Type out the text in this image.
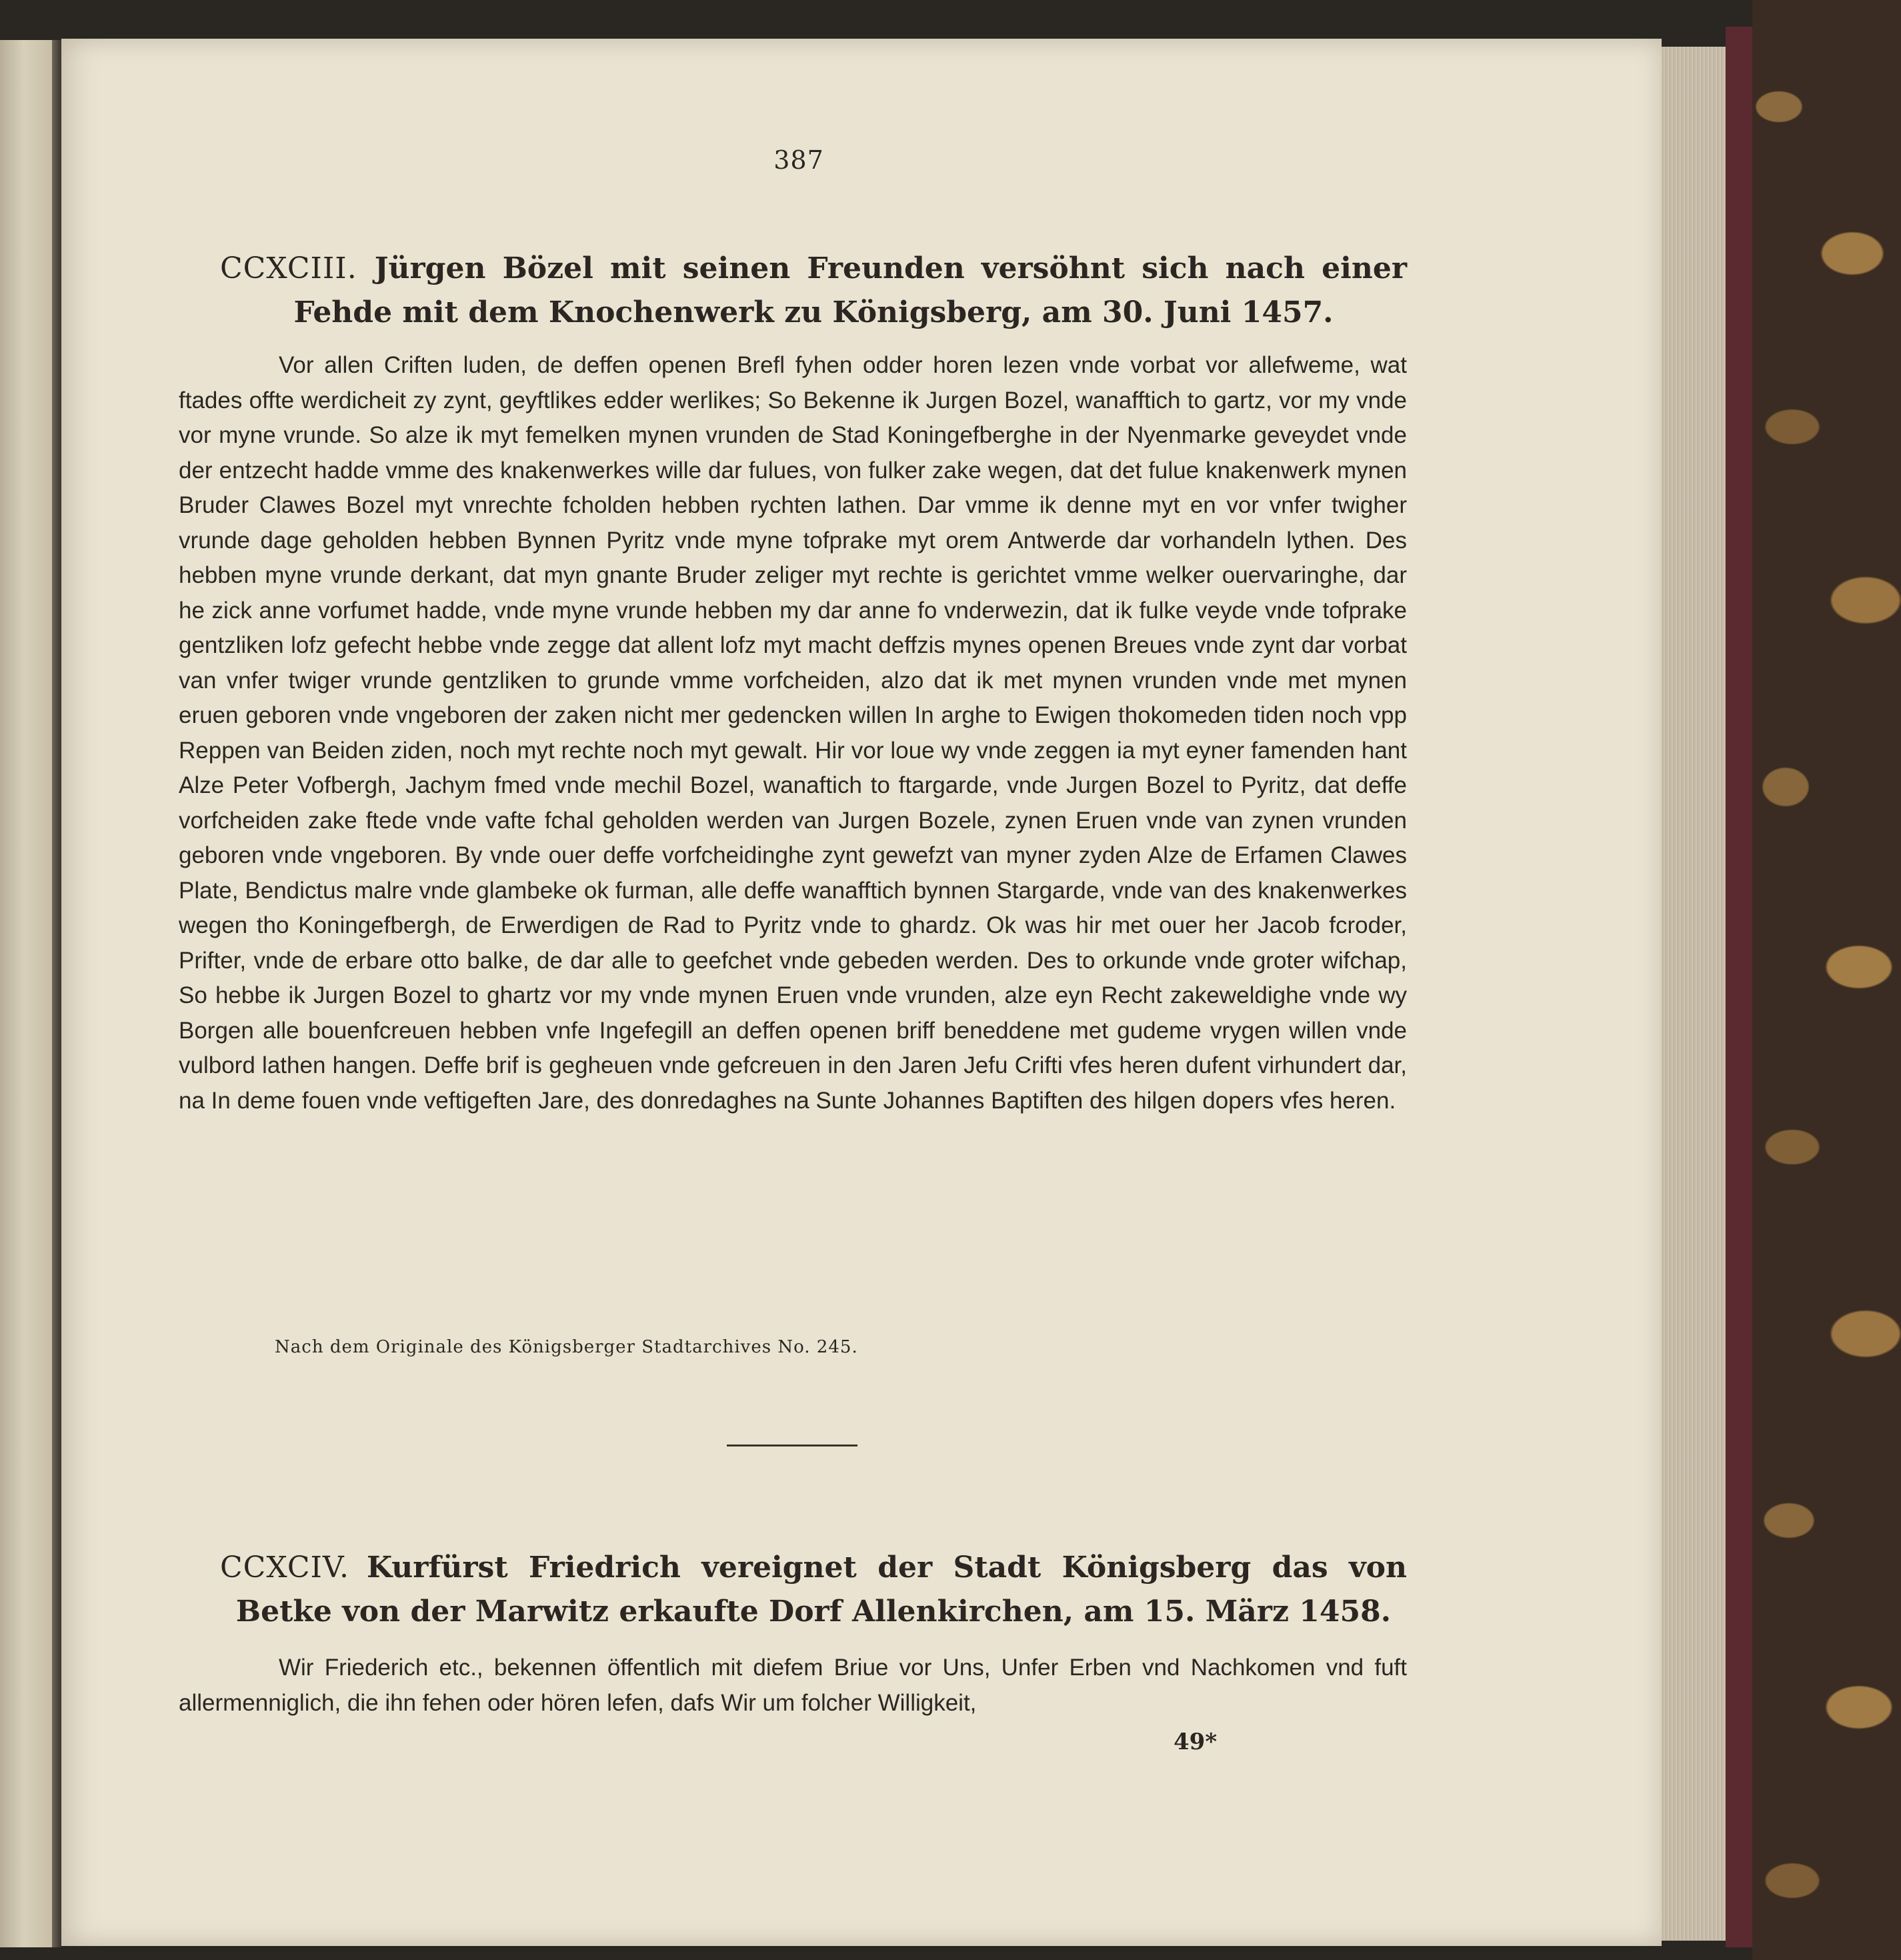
387
CCXCIII. Jürgen Bözel mit seinen Freunden versöhnt sich nach einer Fehde mit dem Knochenwerk zu Königsberg, am 30. Juni 1457.

Vor allen Criften luden, de deffen openen Brefl fyhen odder horen lezen vnde vorbat vor allefweme, wat ftades offte werdicheit zy zynt, geyftlikes edder werlikes; So Bekenne ik Jurgen Bozel, wanafftich to gartz, vor my vnde vor myne vrunde. So alze ik myt femelken mynen vrunden de Stad Koningefberghe in der Nyenmarke geveydet vnde der entzecht hadde vmme des knakenwerkes wille dar fulues, von fulker zake wegen, dat det fulue knakenwerk mynen Bruder Clawes Bozel myt vnrechte fcholden hebben rychten lathen. Dar vmme ik denne myt en vor vnfer twigher vrunde dage geholden hebben Bynnen Pyritz vnde myne tofprake myt orem Antwerde dar vorhandeln lythen. Des hebben myne vrunde derkant, dat myn gnante Bruder zeliger myt rechte is gerichtet vmme welker ouervaringhe, dar he zick anne vorfumet hadde, vnde myne vrunde hebben my dar anne fo vnderwezin, dat ik fulke veyde vnde tofprake gentzliken lofz gefecht hebbe vnde zegge dat allent lofz myt macht deffzis mynes openen Breues vnde zynt dar vorbat van vnfer twiger vrunde gentzliken to grunde vmme vorfcheiden, alzo dat ik met mynen vrunden vnde met mynen eruen geboren vnde vngeboren der zaken nicht mer gedencken willen In arghe to Ewigen thokomeden tiden noch vpp Reppen van Beiden ziden, noch myt rechte noch myt gewalt. Hir vor loue wy vnde zeggen ia myt eyner famenden hant Alze Peter Vofbergh, Jachym fmed vnde mechil Bozel, wanaftich to ftargarde, vnde Jurgen Bozel to Pyritz, dat deffe vorfcheiden zake ftede vnde vafte fchal geholden werden van Jurgen Bozele, zynen Eruen vnde van zynen vrunden geboren vnde vngeboren. By vnde ouer deffe vorfcheidinghe zynt gewefzt van myner zyden Alze de Erfamen Clawes Plate, Bendictus malre vnde glambeke ok furman, alle deffe wanafftich bynnen Stargarde, vnde van des knakenwerkes wegen tho Koningefbergh, de Erwerdigen de Rad to Pyritz vnde to ghardz. Ok was hir met ouer her Jacob fcroder, Prifter, vnde de erbare otto balke, de dar alle to geefchet vnde gebeden werden. Des to orkunde vnde groter wifchap, So hebbe ik Jurgen Bozel to ghartz vor my vnde mynen Eruen vnde vrunden, alze eyn Recht zakeweldighe vnde wy Borgen alle bouenfcreuen hebben vnfe Ingefegill an deffen openen briff beneddene met gudeme vrygen willen vnde vulbord lathen hangen. Deffe brif is gegheuen vnde gefcreuen in den Jaren Jefu Crifti vfes heren dufent virhundert dar, na In deme fouen vnde veftigeften Jare, des donredaghes na Sunte Johannes Baptiften des hilgen dopers vfes heren.

Nach dem Originale des Königsberger Stadtarchives No. 245.
CCXCIV. Kurfürst Friedrich vereignet der Stadt Königsberg das von Betke von der Marwitz erkaufte Dorf Allenkirchen, am 15. März 1458.

Wir Friederich etc., bekennen öffentlich mit diefem Briue vor Uns, Unfer Erben vnd Nachkomen vnd fuft allermenniglich, die ihn fehen oder hören lefen, dafs Wir um folcher Willigkeit,

49*
